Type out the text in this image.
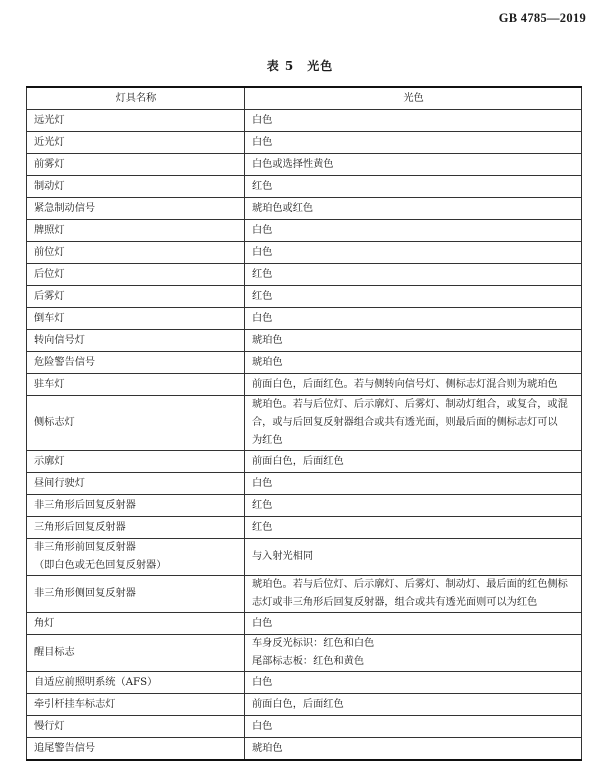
GB 4785—2019
表 5　光色
灯具名称	光色

远光灯	白色

近光灯	白色

前雾灯	白色或选择性黄色

制动灯	红色

紧急制动信号	琥珀色或红色

牌照灯	白色

前位灯	白色

后位灯	红色

后雾灯	红色

倒车灯	白色

转向信号灯	琥珀色

危险警告信号	琥珀色

驻车灯	前面白色，后面红色。若与侧转向信号灯、侧标志灯混合则为琥珀色

侧标志灯	琥珀色。若与后位灯、后示廓灯、后雾灯、制动灯组合，或复合，或混
合，或与后回复反射器组合或共有透光面，则最后面的侧标志灯可以
为红色

示廓灯	前面白色，后面红色

昼间行驶灯	白色

非三角形后回复反射器	红色

三角形后回复反射器	红色

非三角形前回复反射器
（即白色或无色回复反射器）	与入射光相同

非三角形侧回复反射器	琥珀色。若与后位灯、后示廓灯、后雾灯、制动灯、最后面的红色侧标
志灯或非三角形后回复反射器，组合或共有透光面则可以为红色

角灯	白色

醒目标志	车身反光标识：红色和白色
尾部标志板：红色和黄色

自适应前照明系统（AFS）	白色

牵引杆挂车标志灯	前面白色，后面红色

慢行灯	白色

追尾警告信号	琥珀色
